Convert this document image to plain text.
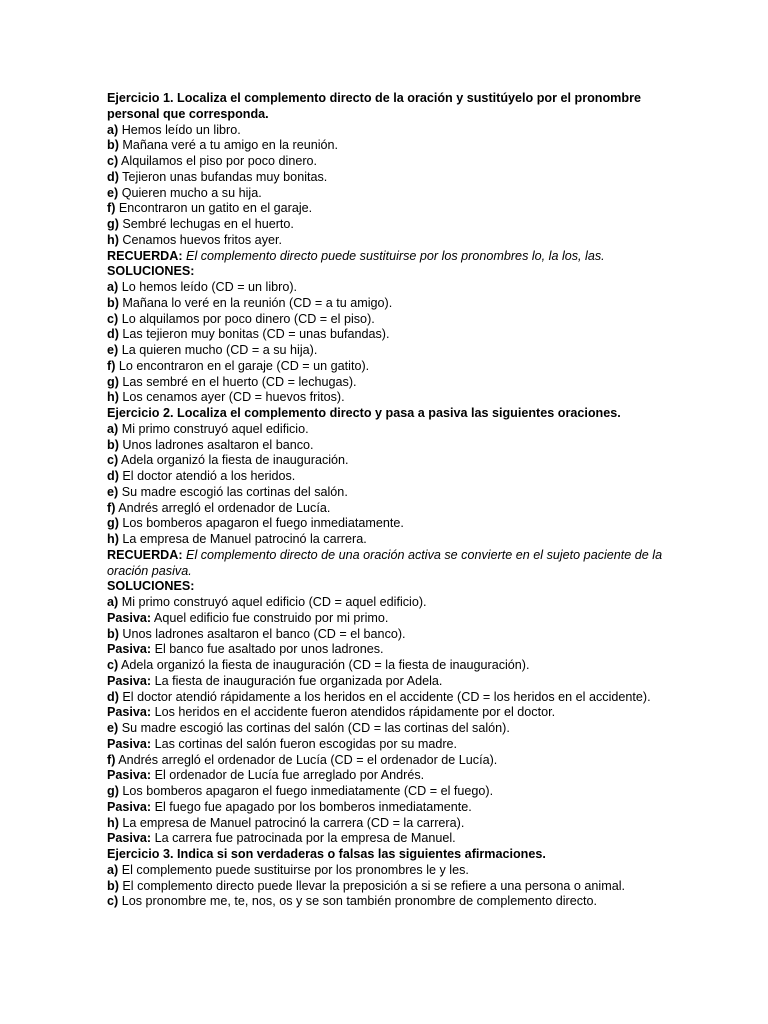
Ejercicio 1. Localiza el complemento directo de la oración y sustitúyelo por el pronombre personal que corresponda.

a) Hemos leído un libro.

b) Mañana veré a tu amigo en la reunión.

c) Alquilamos el piso por poco dinero.

d) Tejieron unas bufandas muy bonitas.

e) Quieren mucho a su hija.

f) Encontraron un gatito en el garaje.

g) Sembré lechugas en el huerto.

h) Cenamos huevos fritos ayer.

RECUERDA: El complemento directo puede sustituirse por los pronombres lo, la los, las.

SOLUCIONES:

a) Lo hemos leído (CD = un libro).

b) Mañana lo veré en la reunión (CD = a tu amigo).

c) Lo alquilamos por poco dinero (CD = el piso).

d) Las tejieron muy bonitas (CD = unas bufandas).

e) La quieren mucho (CD = a su hija).

f) Lo encontraron en el garaje (CD = un gatito).

g) Las sembré en el huerto (CD = lechugas).

h) Los cenamos ayer (CD = huevos fritos).

Ejercicio 2. Localiza el complemento directo y pasa a pasiva las siguientes oraciones.

a) Mi primo construyó aquel edificio.

b) Unos ladrones asaltaron el banco.

c) Adela organizó la fiesta de inauguración.

d) El doctor atendió a los heridos.

e) Su madre escogió las cortinas del salón.

f) Andrés arregló el ordenador de Lucía.

g) Los bomberos apagaron el fuego inmediatamente.

h) La empresa de Manuel patrocinó la carrera.

RECUERDA: El complemento directo de una oración activa se convierte en el sujeto paciente de la oración pasiva.

SOLUCIONES:

a) Mi primo construyó aquel edificio (CD = aquel edificio).

Pasiva: Aquel edificio fue construido por mi primo.

b) Unos ladrones asaltaron el banco (CD = el banco).

Pasiva: El banco fue asaltado por unos ladrones.

c) Adela organizó la fiesta de inauguración (CD = la fiesta de inauguración).

Pasiva: La fiesta de inauguración fue organizada por Adela.

d) El doctor atendió rápidamente a los heridos en el accidente (CD = los heridos en el accidente).

Pasiva: Los heridos en el accidente fueron atendidos rápidamente por el doctor.

e) Su madre escogió las cortinas del salón (CD = las cortinas del salón).

Pasiva: Las cortinas del salón fueron escogidas por su madre.

f) Andrés arregló el ordenador de Lucía (CD = el ordenador de Lucía).

Pasiva: El ordenador de Lucía fue arreglado por Andrés.

g) Los bomberos apagaron el fuego inmediatamente (CD = el fuego).

Pasiva: El fuego fue apagado por los bomberos inmediatamente.

h) La empresa de Manuel patrocinó la carrera (CD = la carrera).

Pasiva: La carrera fue patrocinada por la empresa de Manuel.

Ejercicio 3. Indica si son verdaderas o falsas las siguientes afirmaciones.

a) El complemento puede sustituirse por los pronombres le y les.

b) El complemento directo puede llevar la preposición a si se refiere a una persona o animal.

c) Los pronombre me, te, nos, os y se son también pronombre de complemento directo.
